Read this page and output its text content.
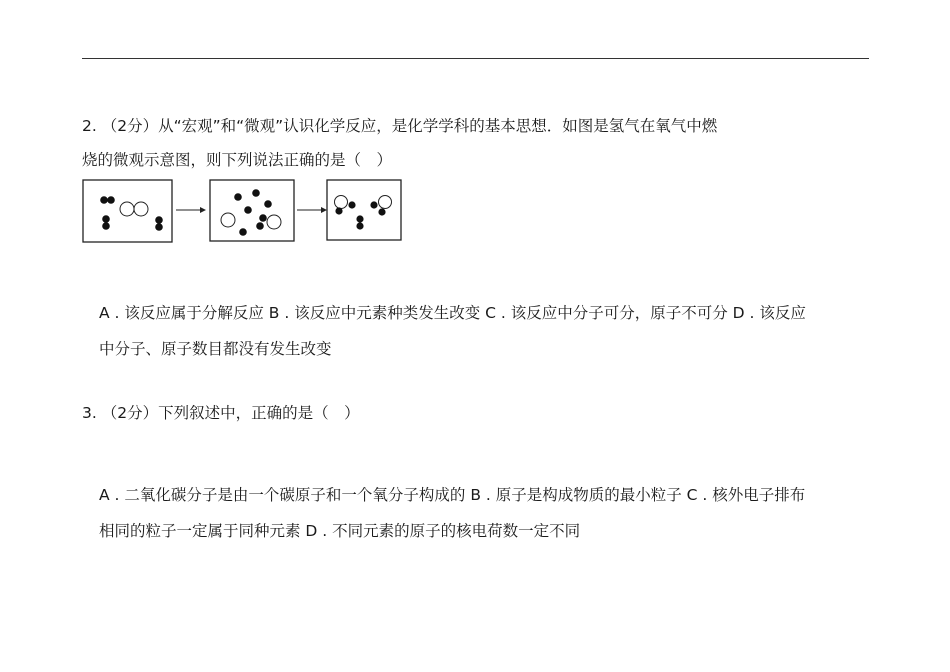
2. （2分）从“宏观”和“微观”认识化学反应，是化学学科的基本思想．如图是氢气在氧气中燃
烧的微观示意图，则下列说法正确的是（　）
A . 该反应属于分解反应 B . 该反应中元素种类发生改变 C . 该反应中分子可分，原子不可分 D . 该反应
中分子、原子数目都没有发生改变
3. （2分）下列叙述中，正确的是（　）
A . 二氧化碳分子是由一个碳原子和一个氧分子构成的 B . 原子是构成物质的最小粒子 C . 核外电子排布
相同的粒子一定属于同种元素 D . 不同元素的原子的核电荷数一定不同
